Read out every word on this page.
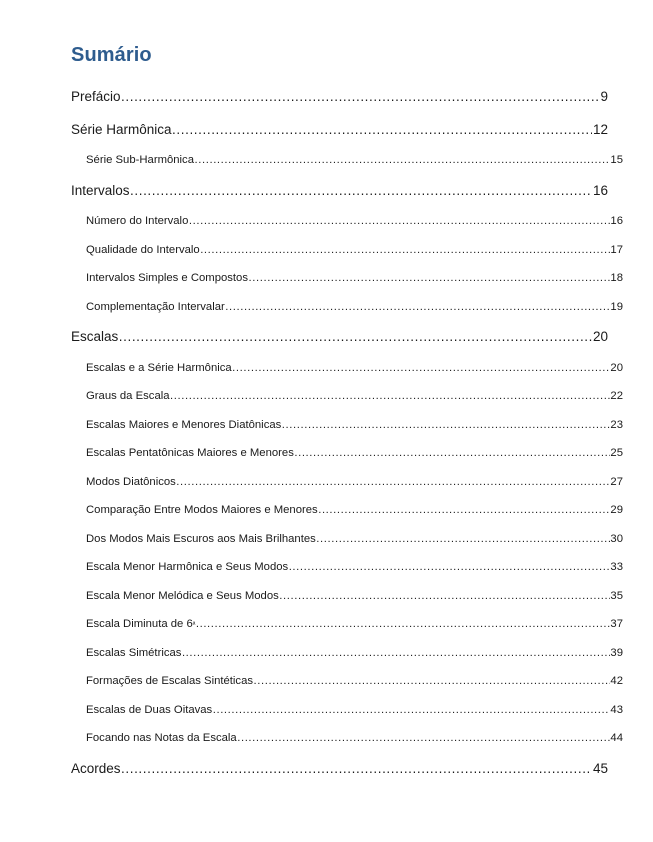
Sumário
Prefácio .....	9
Série Harmônica .....	12
Série Sub-Harmônica .....	15
Intervalos .....	16
Número do Intervalo .....	16
Qualidade do Intervalo .....	17
Intervalos Simples e Compostos .....	18
Complementação Intervalar .....	19
Escalas .....	20
Escalas e a Série Harmônica .....	20
Graus da Escala .....	22
Escalas Maiores e Menores Diatônicas .....	23
Escalas Pentatônicas Maiores e Menores .....	25
Modos Diatônicos .....	27
Comparação Entre Modos Maiores e Menores .....	29
Dos Modos Mais Escuros aos Mais Brilhantes .....	30
Escala Menor Harmônica e Seus Modos .....	33
Escala Menor Melódica e Seus Modos .....	35
Escala Diminuta de 6 ª .....	37
Escalas Simétricas .....	39
Formações de Escalas Sintéticas .....	42
Escalas de Duas Oitavas .....	43
Focando nas Notas da Escala .....	44
Acordes .....	45
